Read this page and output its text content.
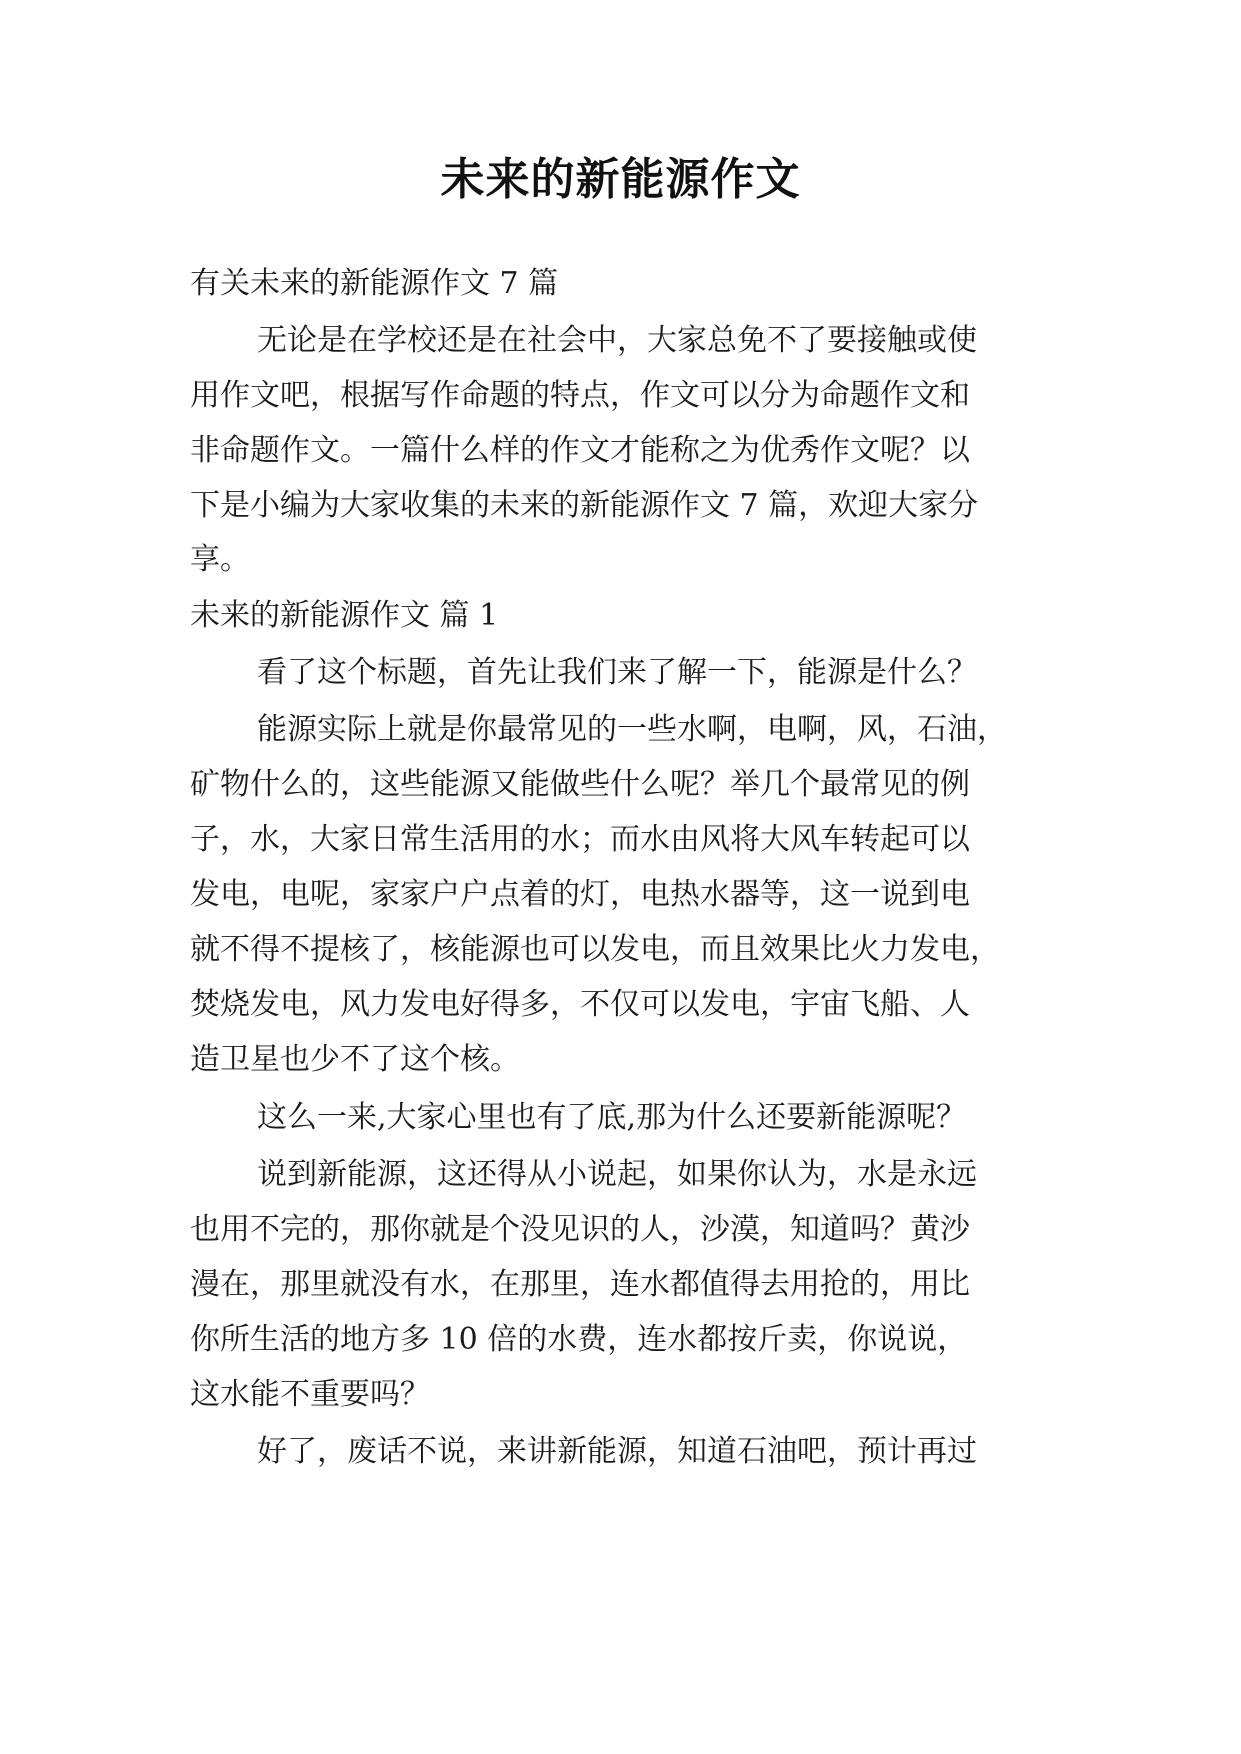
未来的新能源作文

有关未来的新能源作文 7 篇

无论是在学校还是在社会中，大家总免不了要接触或使

用作文吧，根据写作命题的特点，作文可以分为命题作文和

非命题作文。一篇什么样的作文才能称之为优秀作文呢？以

下是小编为大家收集的未来的新能源作文 7 篇，欢迎大家分

享。

未来的新能源作文 篇 1

看了这个标题，首先让我们来了解一下，能源是什么？

能源实际上就是你最常见的一些水啊，电啊，风，石油，

矿物什么的，这些能源又能做些什么呢？举几个最常见的例

子，水，大家日常生活用的水；而水由风将大风车转起可以

发电，电呢，家家户户点着的灯，电热水器等，这一说到电

就不得不提核了，核能源也可以发电，而且效果比火力发电，

焚烧发电，风力发电好得多，不仅可以发电，宇宙飞船、人

造卫星也少不了这个核。

这么一来,大家心里也有了底,那为什么还要新能源呢？

说到新能源，这还得从小说起，如果你认为，水是永远

也用不完的，那你就是个没见识的人，沙漠，知道吗？黄沙

漫在，那里就没有水，在那里，连水都值得去用抢的，用比

你所生活的地方多 10 倍的水费，连水都按斤卖，你说说，

这水能不重要吗？

好了，废话不说，来讲新能源，知道石油吧，预计再过
